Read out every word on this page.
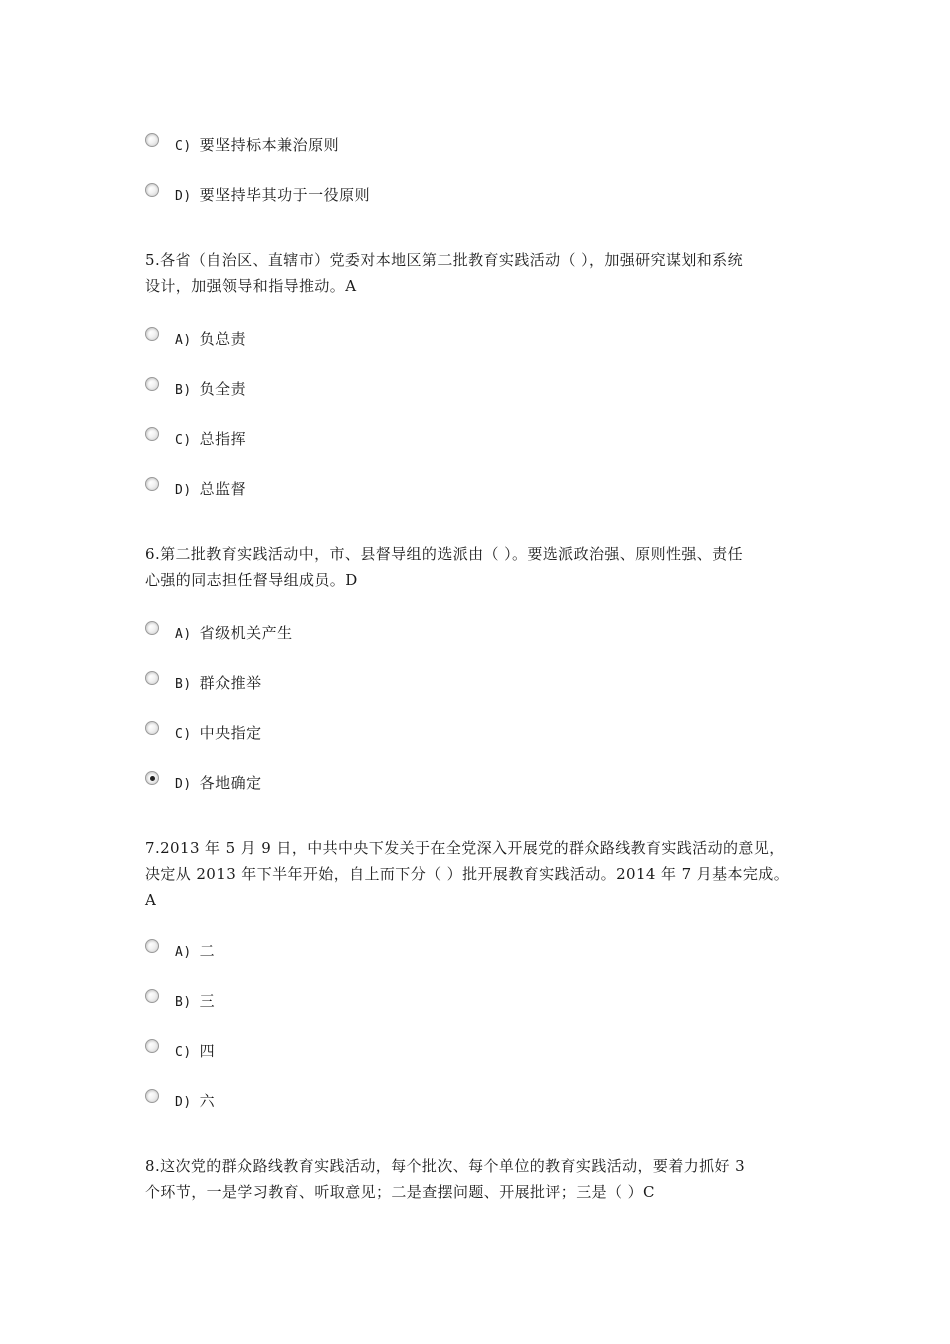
C) 要坚持标本兼治原则
D) 要坚持毕其功于一役原则
5.各省（自治区、直辖市）党委对本地区第二批教育实践活动（ ），加强研究谋划和系统
设计，加强领导和指导推动。A
A) 负总责
B) 负全责
C) 总指挥
D) 总监督
6.第二批教育实践活动中，市、县督导组的选派由（ ）。要选派政治强、原则性强、责任
心强的同志担任督导组成员。D
A) 省级机关产生
B) 群众推举
C) 中央指定
D) 各地确定
7.2013 年 5 月 9 日，中共中央下发关于在全党深入开展党的群众路线教育实践活动的意见，
决定从 2013 年下半年开始，自上而下分（ ）批开展教育实践活动。2014 年 7 月基本完成。
A
A) 二
B) 三
C) 四
D) 六
8.这次党的群众路线教育实践活动，每个批次、每个单位的教育实践活动，要着力抓好 3
个环节，一是学习教育、听取意见；二是查摆问题、开展批评；三是（ ）C
